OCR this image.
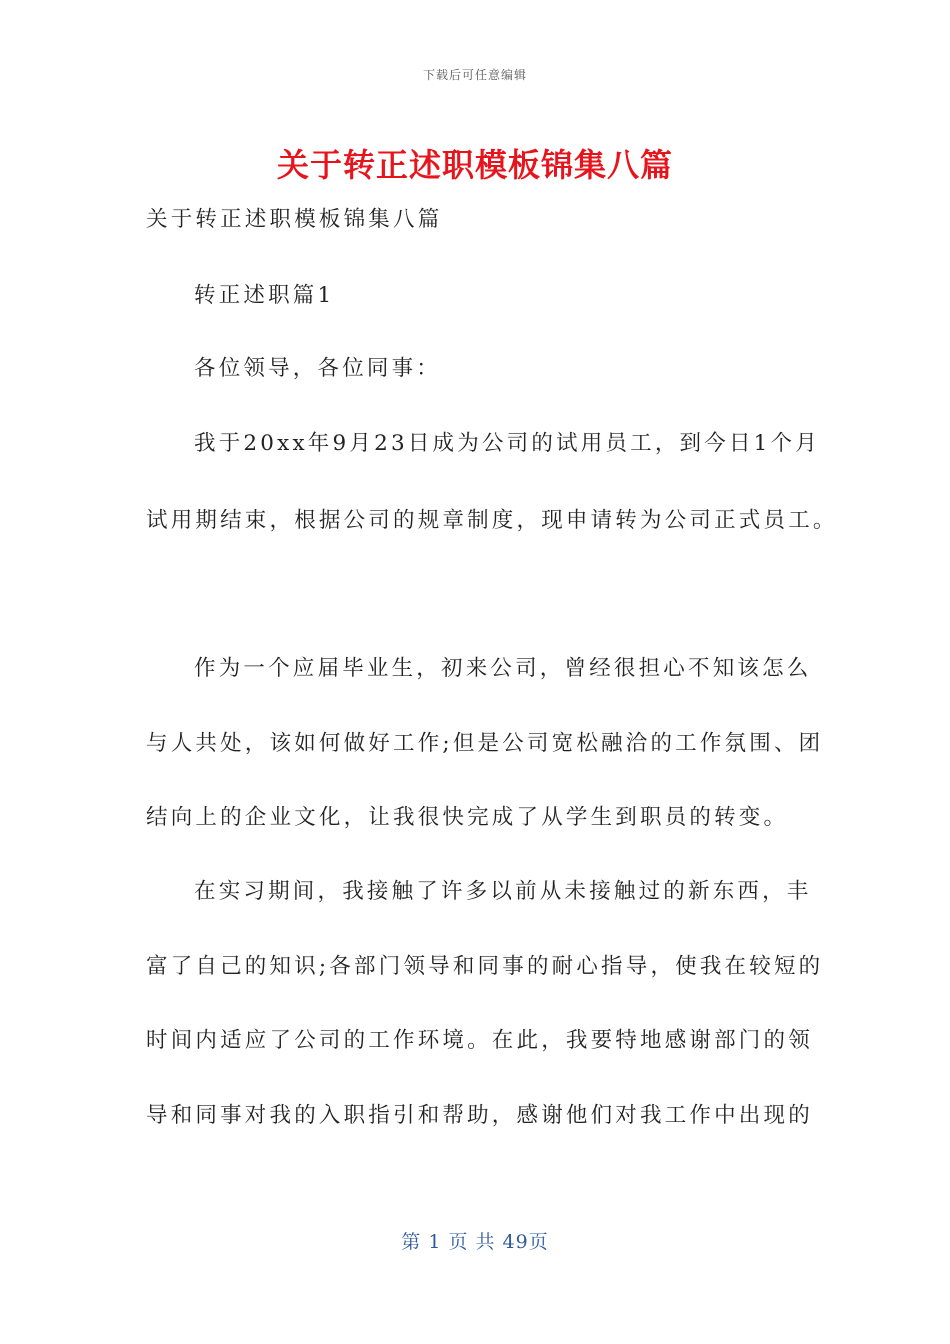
下载后可任意编辑
关于转正述职模板锦集八篇
关于转正述职模板锦集八篇
转正述职篇1
各位领导，各位同事：
我于20xx年9月23日成为公司的试用员工，到今日1个月
试用期结束，根据公司的规章制度，现申请转为公司正式员工。
作为一个应届毕业生，初来公司，曾经很担心不知该怎么
与人共处，该如何做好工作;但是公司宽松融洽的工作氛围、团
结向上的企业文化，让我很快完成了从学生到职员的转变。
在实习期间，我接触了许多以前从未接触过的新东西，丰
富了自己的知识;各部门领导和同事的耐心指导，使我在较短的
时间内适应了公司的工作环境。在此，我要特地感谢部门的领
导和同事对我的入职指引和帮助，感谢他们对我工作中出现的
第 1 页 共 49页
